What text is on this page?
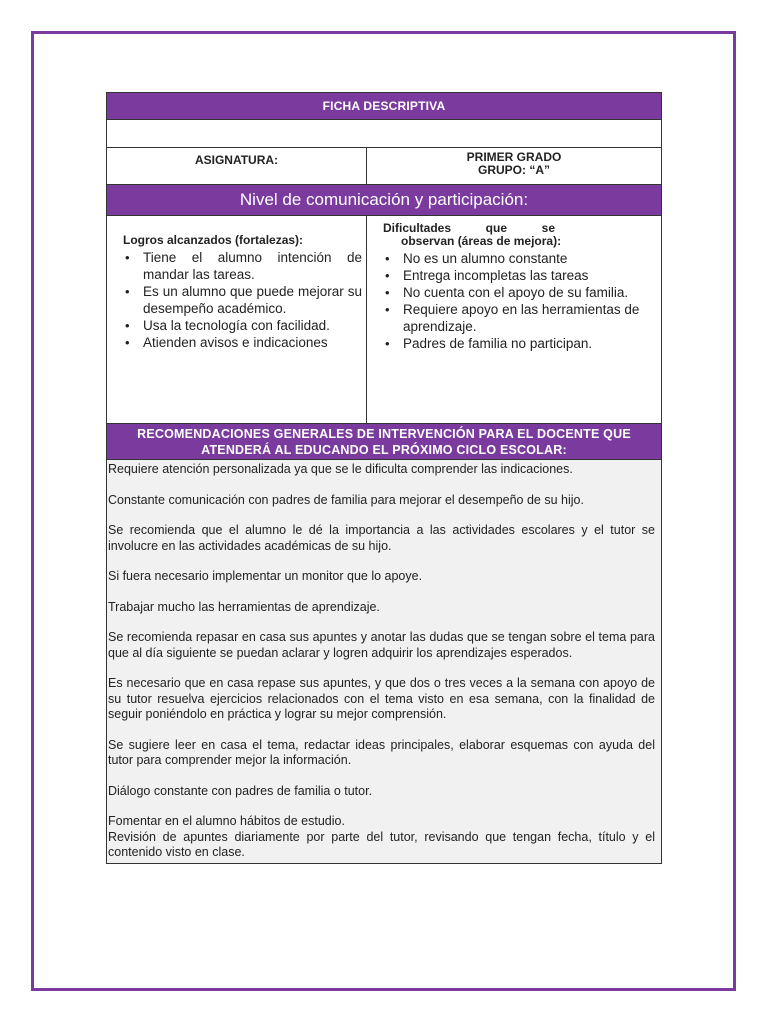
FICHA DESCRIPTIVA
ASIGNATURA:	PRIMER GRADO
GRUPO: “A”
Nivel de comunicación y participación:
Logros alcanzados (fortalezas):
• Tiene el alumno intención de mandar las tareas.
• Es un alumno que puede mejorar su desempeño académico.
• Usa la tecnología con facilidad.
• Atienden avisos e indicaciones
Dificultades	que	se
observan (áreas de mejora):
• No es un alumno constante
• Entrega incompletas las tareas
• No cuenta con el apoyo de su familia.
• Requiere apoyo en las herramientas de aprendizaje.
• Padres de familia no participan.
RECOMENDACIONES GENERALES DE INTERVENCIÓN PARA EL DOCENTE QUE
ATENDERÁ AL EDUCANDO EL PRÓXIMO CICLO ESCOLAR:

Requiere atención personalizada ya que se le dificulta comprender las indicaciones.

Constante comunicación con padres de familia para mejorar el desempeño de su hijo.

Se recomienda que el alumno le dé la importancia a las actividades escolares y el tutor se involucre en las actividades académicas de su hijo.

Si fuera necesario implementar un monitor que lo apoye.

Trabajar mucho las herramientas de aprendizaje.

Se recomienda repasar en casa sus apuntes y anotar las dudas que se tengan sobre el tema para que al día siguiente se puedan aclarar y logren adquirir los aprendizajes esperados.

Es necesario que en casa repase sus apuntes, y que dos o tres veces a la semana con apoyo de su tutor resuelva ejercicios relacionados con el tema visto en esa semana, con la finalidad de seguir poniéndolo en práctica y lograr su mejor comprensión.

Se sugiere leer en casa el tema, redactar ideas principales, elaborar esquemas con ayuda del tutor para comprender mejor la información.

Diálogo constante con padres de familia o tutor.

Fomentar en el alumno hábitos de estudio.
Revisión de apuntes diariamente por parte del tutor, revisando que tengan fecha, título y el contenido visto en clase.
